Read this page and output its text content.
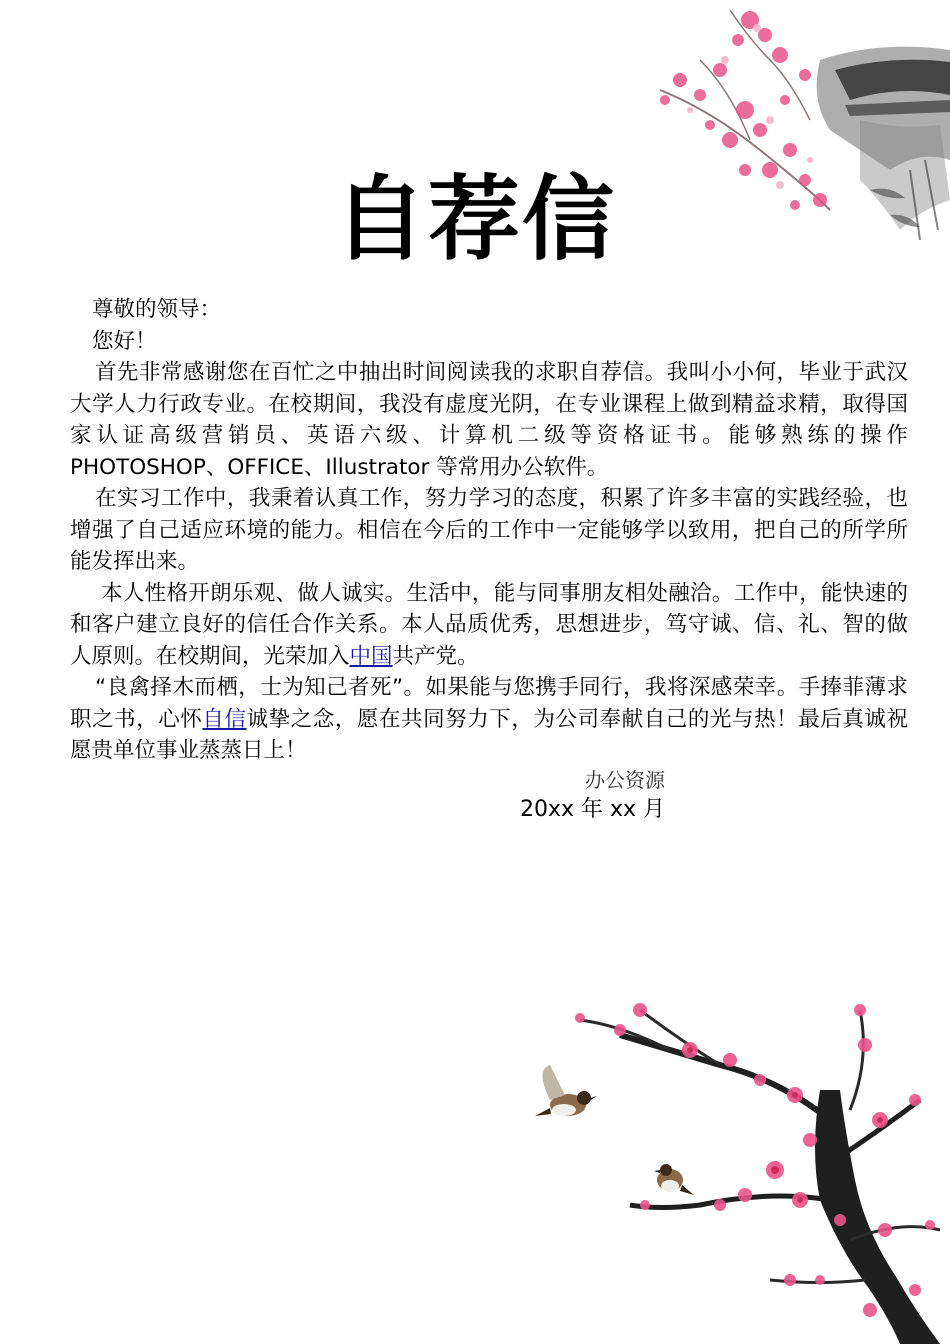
自荐信

尊敬的领导：

您好！

首先非常感谢您在百忙之中抽出时间阅读我的求职自荐信。我叫小小何，毕业于武汉大学人力行政专业。在校期间，我没有虚度光阴，在专业课程上做到精益求精，取得国家认证高级营销员、英语六级、计算机二级等资格证书。能够熟练的操作 PHOTOSHOP、OFFICE、Illustrator 等常用办公软件。

在实习工作中，我秉着认真工作，努力学习的态度，积累了许多丰富的实践经验，也增强了自己适应环境的能力。相信在今后的工作中一定能够学以致用，把自己的所学所能发挥出来。

本人性格开朗乐观、做人诚实。生活中，能与同事朋友相处融洽。工作中，能快速的和客户建立良好的信任合作关系。本人品质优秀，思想进步，笃守诚、信、礼、智的做人原则。在校期间，光荣加入中国共产党。

“良禽择木而栖，士为知己者死”。如果能与您携手同行，我将深感荣幸。手捧菲薄求职之书，心怀自信诚挚之念，愿在共同努力下，为公司奉献自己的光与热！最后真诚祝愿贵单位事业蒸蒸日上！

办公资源
20xx 年 xx 月
